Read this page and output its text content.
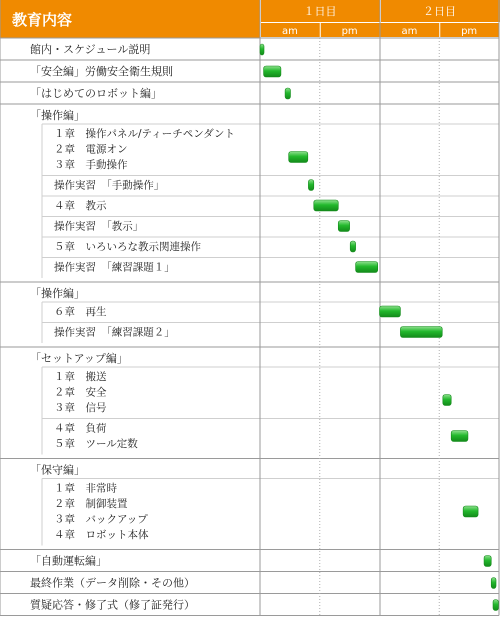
教育内容	１日目	２日目
am	pm	am	pm
館内・スケジュール説明
「安全編」労働安全衛生規則
「はじめてのロボット編」
「操作編」
１章　操作パネル/ティーチペンダント
２章　電源オン
３章　手動操作
操作実習　「手動操作」
４章　教示
操作実習　「教示」
５章　いろいろな教示関連操作
操作実習　「練習課題１」
「操作編」
６章　再生
操作実習　「練習課題２」
「セットアップ編」
１章　搬送
２章　安全
３章　信号
４章　負荷
５章　ツール定数
「保守編」
１章　非常時
２章　制御装置
３章　バックアップ
４章　ロボット本体
「自動運転編」
最終作業（データ削除・その他）
質疑応答・修了式（修了証発行）
